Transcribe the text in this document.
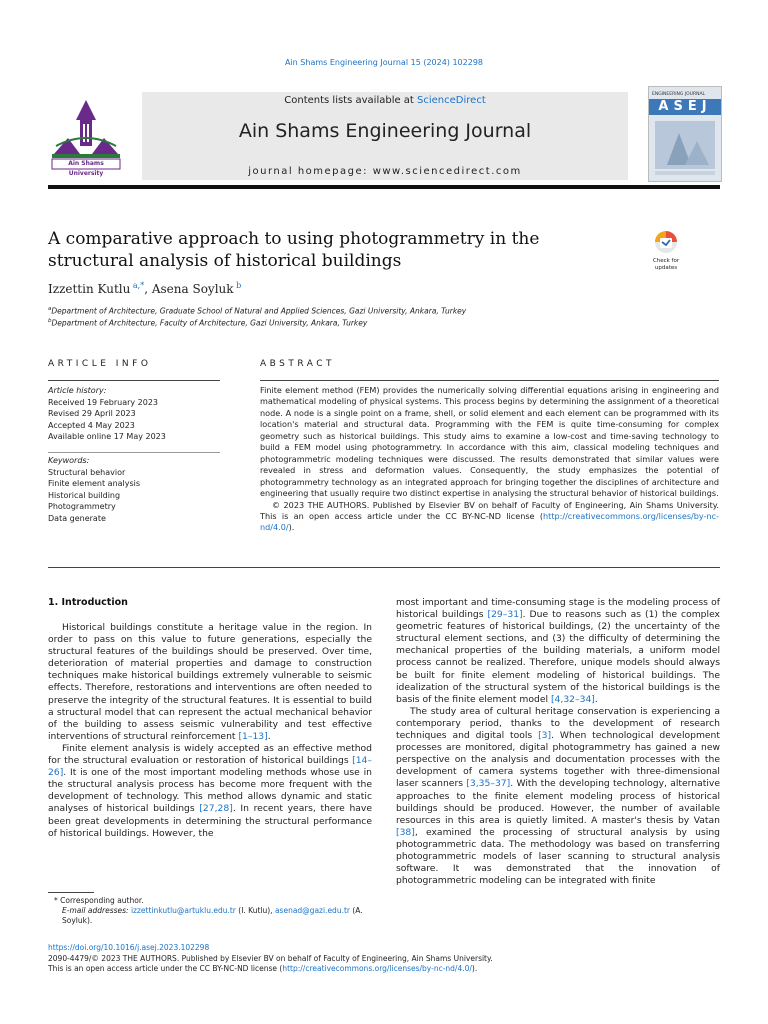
Ain Shams Engineering Journal 15 (2024) 102298
Contents lists available at ScienceDirect
Ain Shams Engineering Journal
journal homepage: www.sciencedirect.com
Ain Shams University
ENGINEERING JOURNAL
ASEJ
A comparative approach to using photogrammetry in the structural analysis of historical buildings	Check for
updates
Izzettin Kutlu $^{a,*}$, Asena Soyluk $^b$
$^a$Department of Architecture, Graduate School of Natural and Applied Sciences, Gazi University, Ankara, Turkey
$^b$Department of Architecture, Faculty of Architecture, Gazi University, Ankara, Turkey
ARTICLE INFO
Article history:
Received 19 February 2023
Revised 29 April 2023
Accepted 4 May 2023
Available online 17 May 2023
Keywords:
Structural behavior
Finite element analysis
Historical building
Photogrammetry
Data generate
ABSTRACT
Finite element method (FEM) provides the numerically solving differential equations arising in engineering and mathematical modeling of physical systems. This process begins by determining the assignment of a theoretical node. A node is a single point on a frame, shell, or solid element and each element can be programmed with its location's material and structural data. Programming with the FEM is quite time-consuming for complex geometry such as historical buildings. This study aims to examine a low-cost and time-saving technology to build a FEM model using photogrammetry. In accordance with this aim, classical modeling techniques and photogrammetric modeling techniques were discussed. The results demonstrated that similar values were revealed in stress and deformation values. Consequently, the study emphasizes the potential of photogrammetry technology as an integrated approach for bringing together the disciplines of architecture and engineering that usually require two distinct expertise in analysing the structural behavior of historical buildings.
© 2023 THE AUTHORS. Published by Elsevier BV on behalf of Faculty of Engineering, Ain Shams University. This is an open access article under the CC BY-NC-ND license (http://creativecommons.org/licenses/by-nc-nd/4.0/).
1. Introduction

Historical buildings constitute a heritage value in the region. In order to pass on this value to future generations, especially the structural features of the buildings should be preserved. Over time, deterioration of material properties and damage to construction techniques make historical buildings extremely vulnerable to seismic effects. Therefore, restorations and interventions are often needed to preserve the integrity of the structural features. It is essential to build a structural model that can represent the actual mechanical behavior of the building to assess seismic vulnerability and test effective interventions of structural reinforcement [1–13].

Finite element analysis is widely accepted as an effective method for the structural evaluation or restoration of historical buildings [14–26]. It is one of the most important modeling methods whose use in the structural analysis process has become more frequent with the development of technology. This method allows dynamic and static analyses of historical buildings [27,28]. In recent years, there have been great developments in determining the structural performance of historical buildings. However, the

most important and time-consuming stage is the modeling process of historical buildings [29–31]. Due to reasons such as (1) the complex geometric features of historical buildings, (2) the uncertainty of the structural element sections, and (3) the difficulty of determining the mechanical properties of the building materials, a uniform model process cannot be realized. Therefore, unique models should always be built for finite element modeling of historical buildings. The idealization of the structural system of the historical buildings is the basis of the finite element model [4,32–34].

The study area of cultural heritage conservation is experiencing a contemporary period, thanks to the development of research techniques and digital tools [3]. When technological development processes are monitored, digital photogrammetry has gained a new perspective on the analysis and documentation processes with the development of camera systems together with three-dimensional laser scanners [3,35–37]. With the developing technology, alternative approaches to the finite element modeling process of historical buildings should be produced. However, the number of available resources in this area is quietly limited. A master's thesis by Vatan [38], examined the processing of structural analysis by using photogrammetric data. The methodology was based on transferring photogrammetric models of laser scanning to structural analysis software. It was demonstrated that the innovation of photogrammetric modeling can be integrated with finite

* Corresponding author.
E-mail addresses: izzettinkutlu@artuklu.edu.tr (I. Kutlu), asenad@gazi.edu.tr (A. Soyluk).
https://doi.org/10.1016/j.asej.2023.102298
2090-4479/© 2023 THE AUTHORS. Published by Elsevier BV on behalf of Faculty of Engineering, Ain Shams University.
This is an open access article under the CC BY-NC-ND license (http://creativecommons.org/licenses/by-nc-nd/4.0/).
